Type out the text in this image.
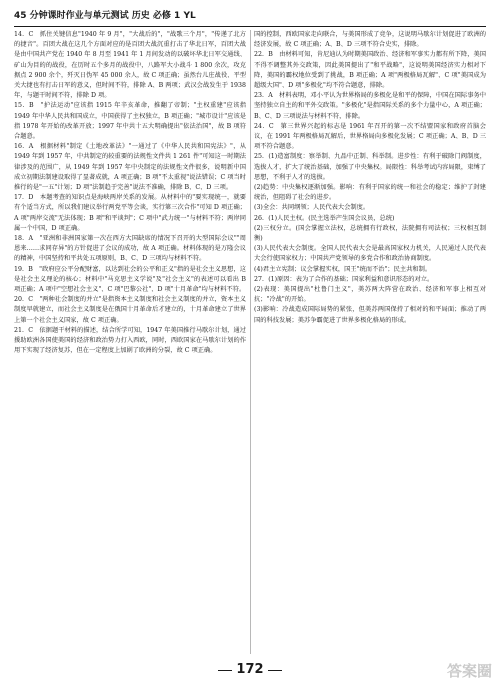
45 分钟课时作业与单元测试 历史 必修 1 YL

14．C　抓住关键信息"1940 年 9 月"，"大战后的"，"战歌三个月"，"传递了北方的捷音"。百团大战在这几个方面对应的是百团大战沉重打击了华北日军，百团大战是由中国共产党在 1940 年 8 月至 1941 年 1 月间发动的以破坏华北日军交通线、矿山为目的的战役，在历时五个多月的战役中，八路军大小战斗 1 800 余次，攻克据点 2 900 余个，歼灭日伪军 45 000 余人，故 C 项正确；虽然台儿庄战役、平型关大捷也有打击日军的意义，但时间不符，排除 A、B 两项；武汉会战发生于 1938 年，与题干时间不符，排除 D 项。

15．B　"护法运动"应该指 1915 年辛亥革命，推翻了帝制；"主权重建"应该指 1949 年中华人民共和国成立，中国获得了主权独立，B 项正确；"城市设计"应该是指 1978 年开始的改革开放；1997 年中共十五大明确提出"依法治国"，故 B 项符合题意。

16．A　根据材料"制定《土地改革法》"一通过了《中华人民共和国宪法》"，从 1949 年到 1957 年，中共制定的较重要的法规性文件共 1 261 件"可知这一时期法律涉及的范围广，从 1949 年到 1957 年中央制定的法规性文件很多，说明新中国成立初期法制建设取得了显著成就，A 项正确；B 项"不太重视"说法错误；C 项当时推行的是"一五"计划；D 项"法制趋于完善"说法不准确，排除 B、C、D 三项。

17．D　本题考查的知识点是海峡两岸关系的发展。从材料中的"要实现统一，就要有个适当方式，所以我们建议举行两党平等会谈，实行第三次合作"可知 D 项正确；A 项"两岸交流"无法体现；B 项"和平谈判"；C 项中"武力统一"与材料不符；两岸同属一个中国，D 项正确。

18．A　"亚洲和非洲国家第一次在西方大国缺席的情况下召开的大型国际会议""周恩来……求同存异"的方针促进了会议的成功，故 A 项正确。材料体现的是万隆会议的精神，中国坚持和平共处五项原则，B、C、D 三项均与材料不符。

19．B　"政府应公平分配财富，以达到社会的公平和正义"指的是社会主义思想，这是社会主义理论的核心；材料中"马克思主义学说"及"社会主义"的表述可以看出 B 项正确；A 项中"空想社会主义"、C 项"巴黎公社"、D 项"十月革命"均与材料不符。

20．C　"两种社会制度的并立"是指资本主义制度和社会主义制度的并立，资本主义制度早就建立，而社会主义制度是在俄国十月革命后才建立的，十月革命建立了世界上第一个社会主义国家，故 C 项正确。

21．C　依据题干材料的描述，结合所学可知，1947 年美国推行马歇尔计划，通过援助欧洲各国使美国的经济和政治势力打入西欧，同时，西欧国家在马歇尔计划的作用下实现了经济复苏，但在一定程度上加剧了欧洲的分裂，故 C 项正确。

国的控制，西欧国家走向联合，与美国形成了竞争，这说明马歇尔计划促进了欧洲的经济发展，故 C 项正确；A、B、D 三项不符合史实，排除。

22．B　由材料可知，肯尼迪认为时期美国政治、经济和军事实力都有所下降，美国不得不调整其外交政策，因此美国提出了"和平战略"，这说明美国经济实力相对下降，美国的霸权地位受到了挑战，B 项正确；A 项"两极格局瓦解"、C 项"美国成为超级大国"、D 项"多极化"均不符合题意，排除。

23．A　材料表明，邓小平认为世界格局的多极化是和平的保障，中国在国际事务中坚持独立自主的和平外交政策。"多极化"是指国际关系的多个力量中心，A 项正确；B、C、D 三项说法与材料不符，排除。

24．C　第三世界兴起的标志是 1961 年召开的第一次不结盟国家和政府首脑会议，在 1991 年两极格局瓦解后，世界格局向多极化发展；C 项正确；A、B、D 三项不符合题意。

25．(1)造富制度：察举制、九品中正制、科举制。进步性：有利于破除门阀制度，选拔人才，扩大了统治基础，加强了中央集权。局限性：科举考试内容局限，束缚了思想，不利于人才的选拔。

(2)趋势：中央集权逐渐加强。影响：有利于国家的统一和社会的稳定；维护了封建统治，但阻碍了社会的进步。

(3)全会：共同纲领；人民代表大会制度。

26．(1)人民主权。(民主选举产生国会议员，总统)

(2)三权分立。(国会掌握立法权，总统拥有行政权，法院拥有司法权；三权相互制衡)

(3)人民代表大会制度。全国人民代表大会是最高国家权力机关，人民通过人民代表大会行使国家权力；中国共产党领导的多党合作和政治协商制度。

(4)君主立宪制；议会掌握实权，国王"统而不治"；民主共和制。

27．(1)原因：表为了合作的基础；国家利益和意识形态的对立。

(2)表现：美国提出"杜鲁门主义"，美苏两大阵营在政治、经济和军事上相互对抗；"冷战"的开始。

(3)影响：冷战造成国际局势的紧张，但美苏两国保持了相对的和平局面；推动了两国的科技发展；美苏争霸促进了世界多极化格局的形成。

172	答案圈
